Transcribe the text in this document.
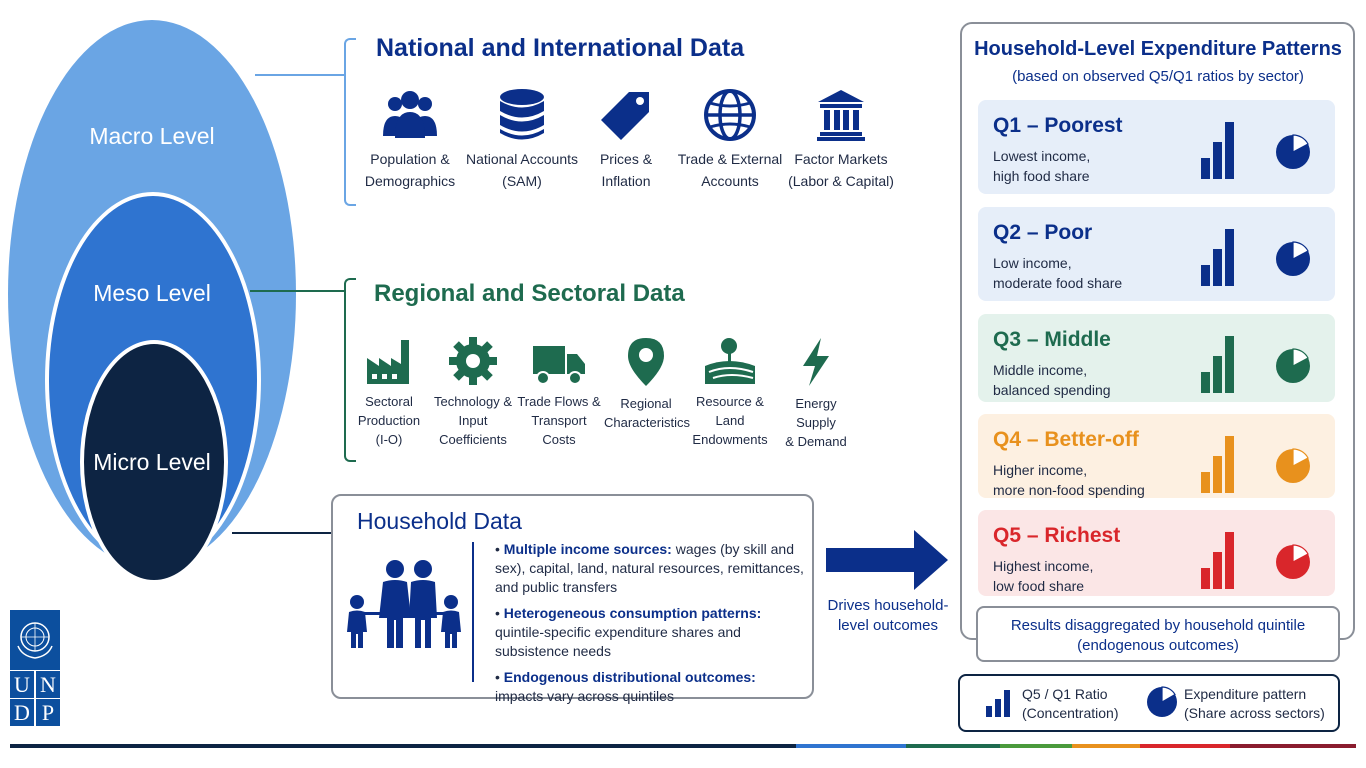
Macro Level
Meso Level
Micro Level
National and International Data
Population &
Demographics
National Accounts
(SAM)
Prices &
Inflation
Trade & External
Accounts
Factor Markets
(Labor & Capital)
Regional and Sectoral Data
Sectoral
Production
(I-O)
Technology &
Input
Coefficients
Trade Flows &
Transport Costs
Regional
Characteristics
Resource & Land
Endowments
Energy Supply
& Demand
Household Data
• Multiple income sources: wages (by skill and sex), capital, land, natural resources, remittances, and public transfers
• Heterogeneous consumption patterns: quintile-specific expenditure shares and subsistence needs
• Endogenous distributional outcomes: impacts vary across quintiles
Drives household-
level outcomes
Household-Level Expenditure Patterns
(based on observed Q5/Q1 ratios by sector)
Q1 – Poorest
Lowest income,
high food share
Q2 – Poor
Low income,
moderate food share
Q3 – Middle
Middle income,
balanced spending
Q4 – Better-off
Higher income,
more non-food spending
Q5 – Richest
Highest income,
low food share
Results disaggregated by household quintile
(endogenous outcomes)
Q5 / Q1 Ratio
(Concentration)
Expenditure pattern
(Share across sectors)
U N
D P
